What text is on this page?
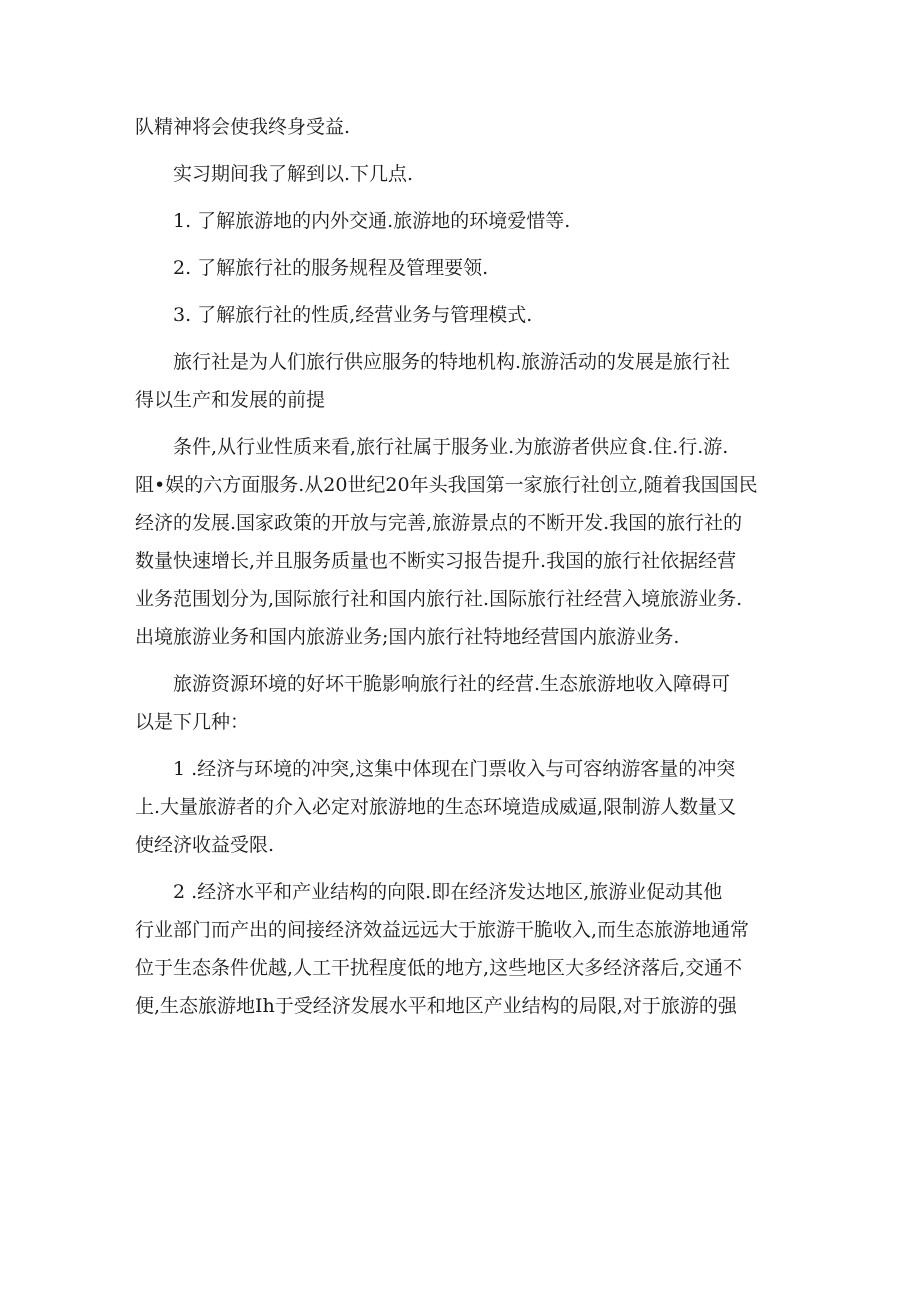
队精神将会使我终身受益.
实习期间我了解到以.下几点.
1. 了解旅游地的内外交通.旅游地的环境爱惜等.
2. 了解旅行社的服务规程及管理要领.
3. 了解旅行社的性质,经营业务与管理模式.
旅行社是为人们旅行供应服务的特地机构.旅游活动的发展是旅行社
得以生产和发展的前提
条件,从行业性质来看,旅行社属于服务业.为旅游者供应食.住.行.游.
阻•娱的六方面服务.从20世纪20年头我国第一家旅行社创立,随着我国国民
经济的发展.国家政策的开放与完善,旅游景点的不断开发.我国的旅行社的
数量快速增长,并且服务质量也不断实习报告提升.我国的旅行社依据经营
业务范围划分为,国际旅行社和国内旅行社.国际旅行社经营入境旅游业务.
出境旅游业务和国内旅游业务;国内旅行社特地经营国内旅游业务.
旅游资源环境的好坏干脆影响旅行社的经营.生态旅游地收入障碍可
以是下几种：
1 .经济与环境的冲突,这集中体现在门票收入与可容纳游客量的冲突
上.大量旅游者的介入必定对旅游地的生态环境造成威逼,限制游人数量又
使经济收益受限.
2 .经济水平和产业结构的向限.即在经济发达地区,旅游业促动其他
行业部门而产出的间接经济效益远远大于旅游干脆收入,而生态旅游地通常
位于生态条件优越,人工干扰程度低的地方,这些地区大多经济落后,交通不
便,生态旅游地Ih于受经济发展水平和地区产业结构的局限,对于旅游的强
